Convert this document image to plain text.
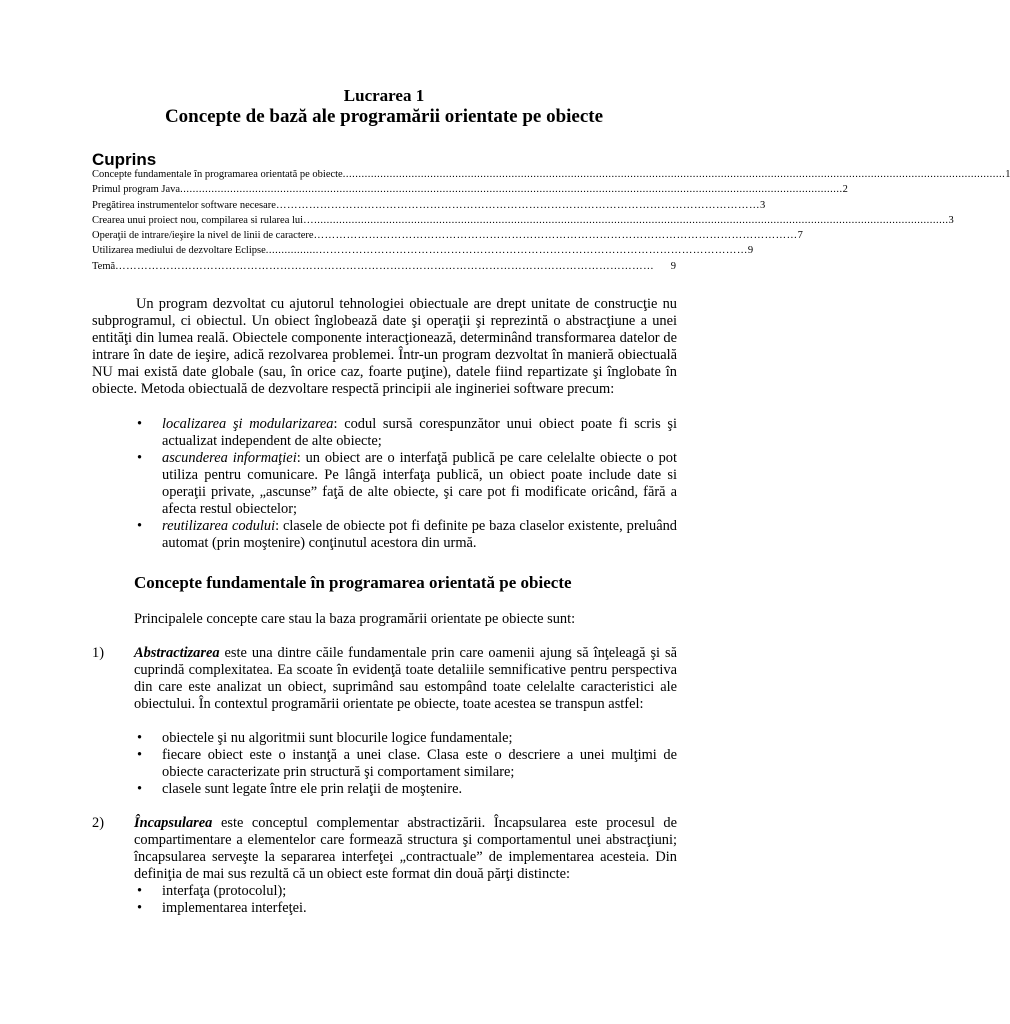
Lucrarea 1
Concepte de bază ale programării orientate pe obiecte
Cuprins
Concepte fundamentale în programarea orientată pe obiecte .................................................................................................................................................................................................................... 1
Primul program Java .................................................................................................................................................................................................................... 2
Pregătirea instrumentelor software necesare …………………………………………………………………………………………………………………… 3
Crearea unui proiect nou, compilarea si rularea lui …........................................................................................................................................................................................................... 3
Operaţii de intrare/ieşire la nivel de linii de caractere …………………………………………………………………………………………………………………… 7
Utilizarea mediului de dezvoltare Eclipse .................……………………………………………………………………………………………………… 9
Temă …………………………………………………………………………………………………………………………………	9
Un program dezvoltat cu ajutorul tehnologiei obiectuale are drept unitate de construcţie nu subprogramul, ci obiectul. Un obiect înglobează date şi operaţii şi reprezintă o abstracţiune a unei entităţi din lumea reală. Obiectele componente interacţionează, determinând transformarea datelor de intrare în date de ieşire, adică rezolvarea problemei. Într-un program dezvoltat în manieră obiectuală NU mai există date globale (sau, în orice caz, foarte puţine), datele fiind repartizate şi înglobate în obiecte. Metoda obiectuală de dezvoltare respectă principii ale ingineriei software precum:
• localizarea şi modularizarea: codul sursă corespunzător unui obiect poate fi scris şi actualizat independent de alte obiecte;
• ascunderea informaţiei: un obiect are o interfaţă publică pe care celelalte obiecte o pot utiliza pentru comunicare. Pe lângă interfaţa publică, un obiect poate include date si operaţii private, „ascunse” faţă de alte obiecte, şi care pot fi modificate oricând, fără a afecta restul obiectelor;
• reutilizarea codului: clasele de obiecte pot fi definite pe baza claselor existente, preluând automat (prin moştenire) conţinutul acestora din urmă.
Concepte fundamentale în programarea orientată pe obiecte
Principalele concepte care stau la baza programării orientate pe obiecte sunt:
1) Abstractizarea este una dintre căile fundamentale prin care oamenii ajung să înţeleagă şi să cuprindă complexitatea. Ea scoate în evidenţă toate detaliile semnificative pentru perspectiva din care este analizat un obiect, suprimând sau estompând toate celelalte caracteristici ale obiectului. În contextul programării orientate pe obiecte, toate acestea se transpun astfel:
• obiectele şi nu algoritmii sunt blocurile logice fundamentale;
• fiecare obiect este o instanţă a unei clase. Clasa este o descriere a unei mulţimi de obiecte caracterizate prin structură şi comportament similare;
• clasele sunt legate între ele prin relaţii de moştenire.
2) Încapsularea este conceptul complementar abstractizării. Încapsularea este procesul de compartimentare a elementelor care formează structura şi comportamentul unei abstracţiuni; încapsularea serveşte la separarea interfeţei „contractuale” de implementarea acesteia. Din definiţia de mai sus rezultă că un obiect este format din două părţi distincte:
• interfaţa (protocolul);
• implementarea interfeţei.
